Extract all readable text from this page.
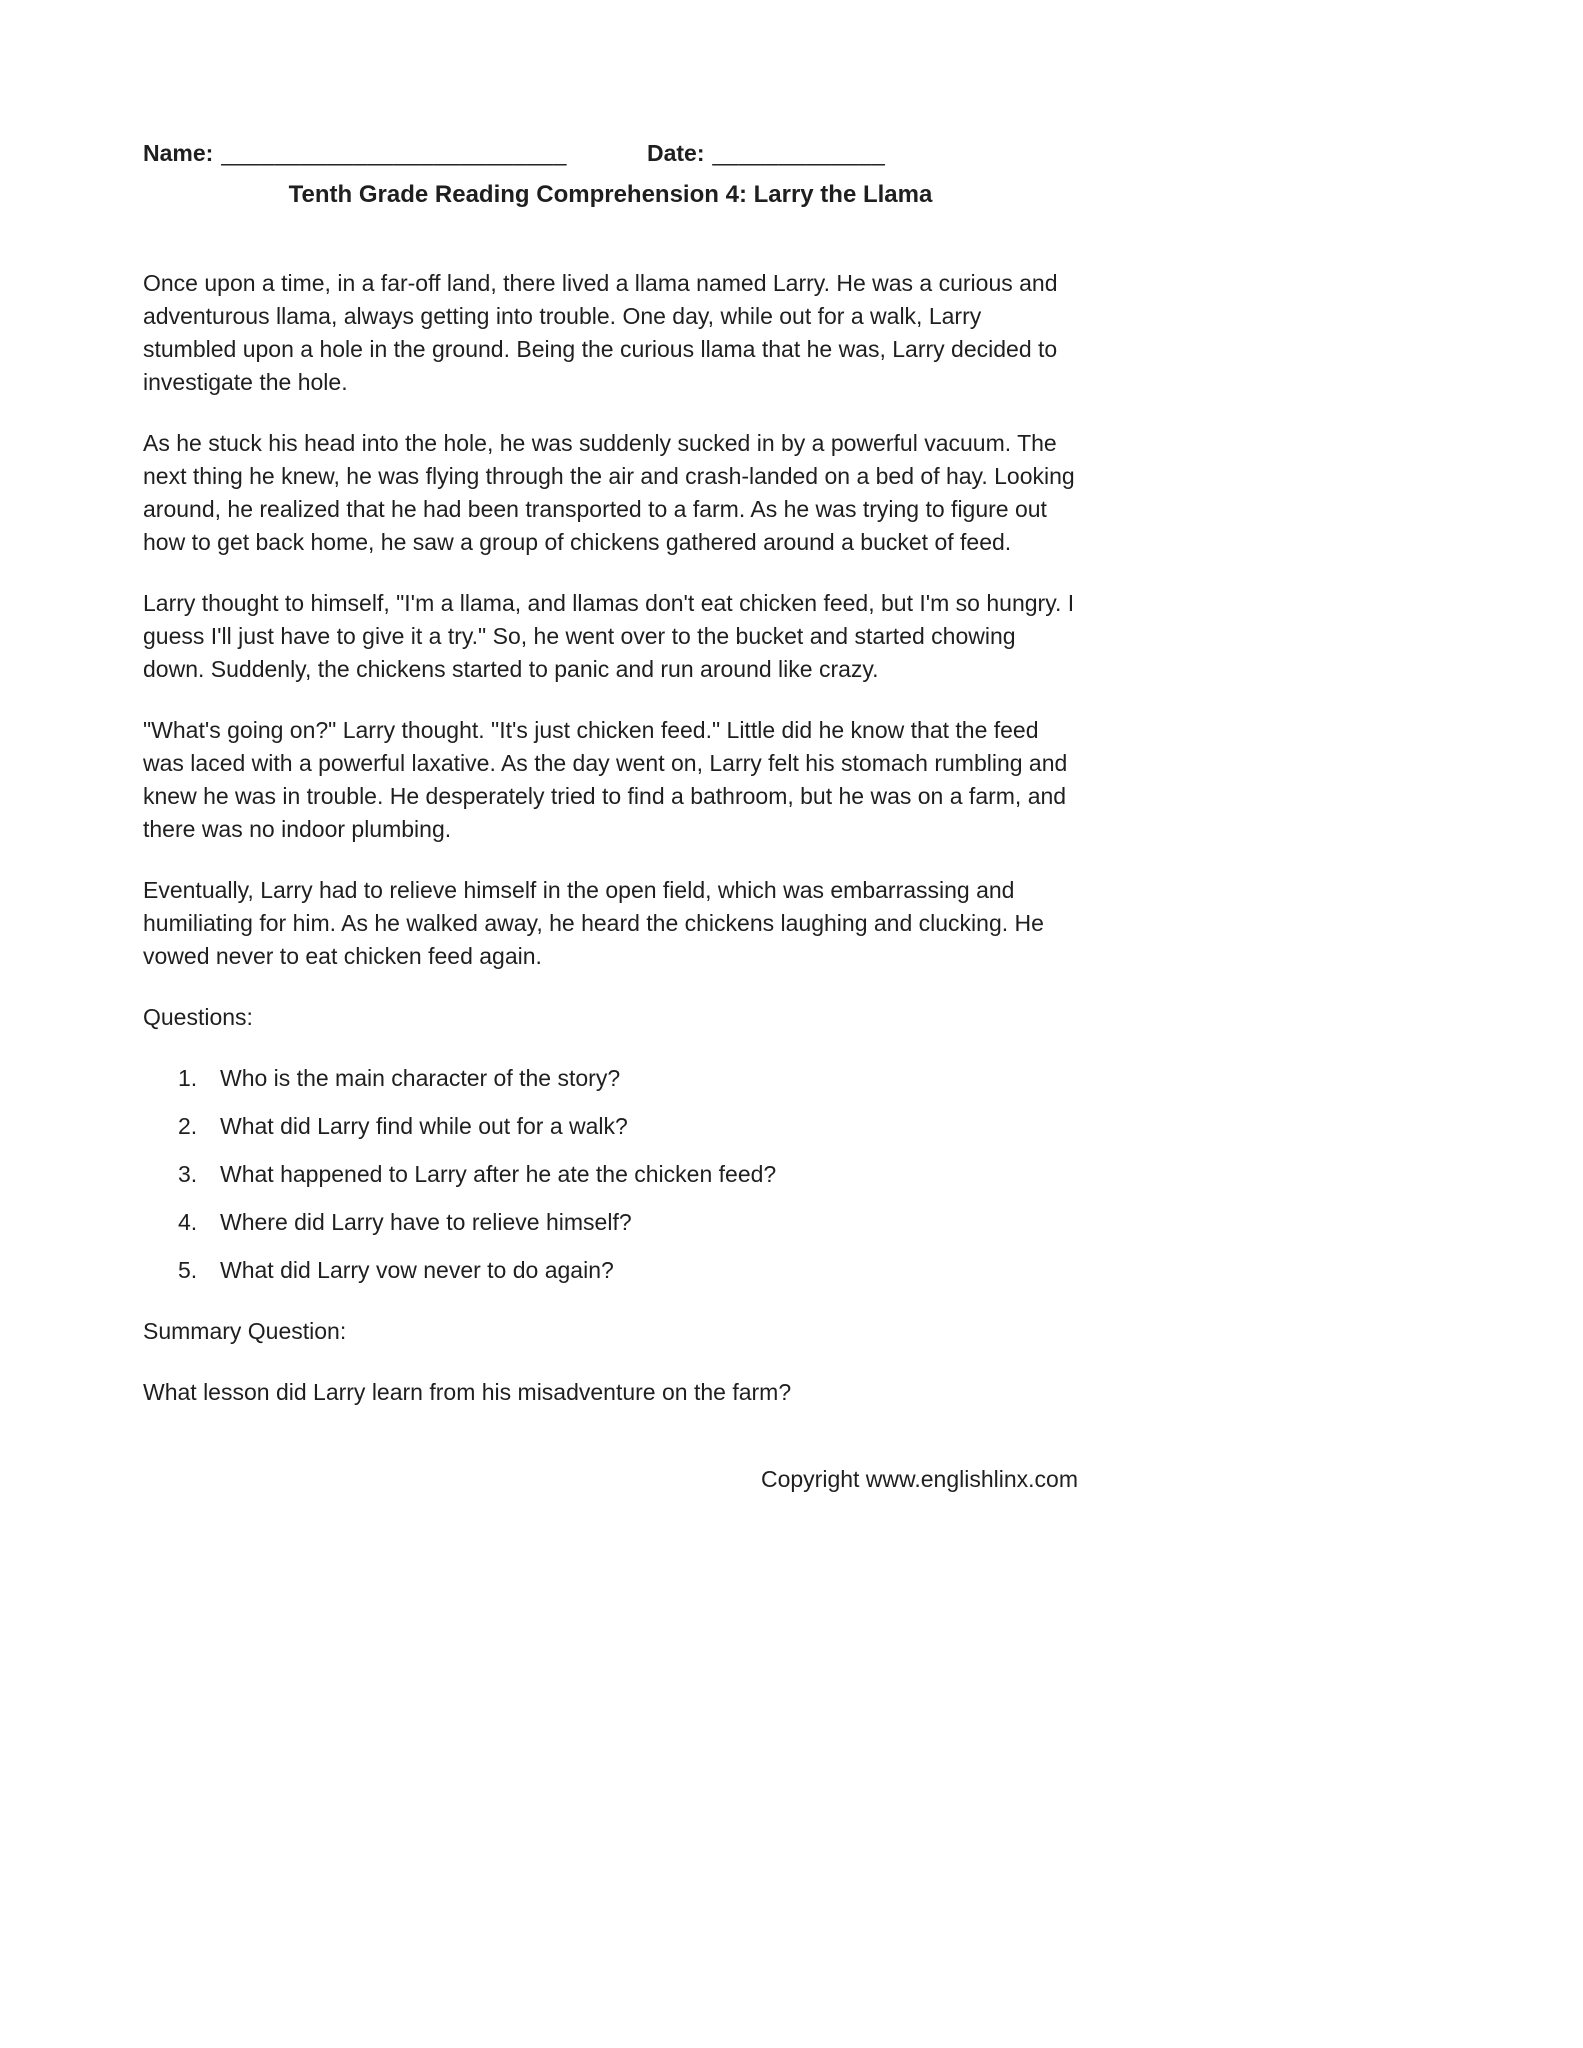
Name: __________________________	Date: _____________
Tenth Grade Reading Comprehension 4: Larry the Llama

Once upon a time, in a far-off land, there lived a llama named Larry. He was a curious and adventurous llama, always getting into trouble. One day, while out for a walk, Larry stumbled upon a hole in the ground. Being the curious llama that he was, Larry decided to investigate the hole.

As he stuck his head into the hole, he was suddenly sucked in by a powerful vacuum. The next thing he knew, he was flying through the air and crash-landed on a bed of hay. Looking around, he realized that he had been transported to a farm. As he was trying to figure out how to get back home, he saw a group of chickens gathered around a bucket of feed.

Larry thought to himself, "I'm a llama, and llamas don't eat chicken feed, but I'm so hungry. I guess I'll just have to give it a try." So, he went over to the bucket and started chowing down. Suddenly, the chickens started to panic and run around like crazy.

"What's going on?" Larry thought. "It's just chicken feed." Little did he know that the feed was laced with a powerful laxative. As the day went on, Larry felt his stomach rumbling and knew he was in trouble. He desperately tried to find a bathroom, but he was on a farm, and there was no indoor plumbing.

Eventually, Larry had to relieve himself in the open field, which was embarrassing and humiliating for him. As he walked away, he heard the chickens laughing and clucking. He vowed never to eat chicken feed again.

Questions:

1. Who is the main character of the story?
2. What did Larry find while out for a walk?
3. What happened to Larry after he ate the chicken feed?
4. Where did Larry have to relieve himself?
5. What did Larry vow never to do again?

Summary Question:

What lesson did Larry learn from his misadventure on the farm?

Copyright www.englishlinx.com
